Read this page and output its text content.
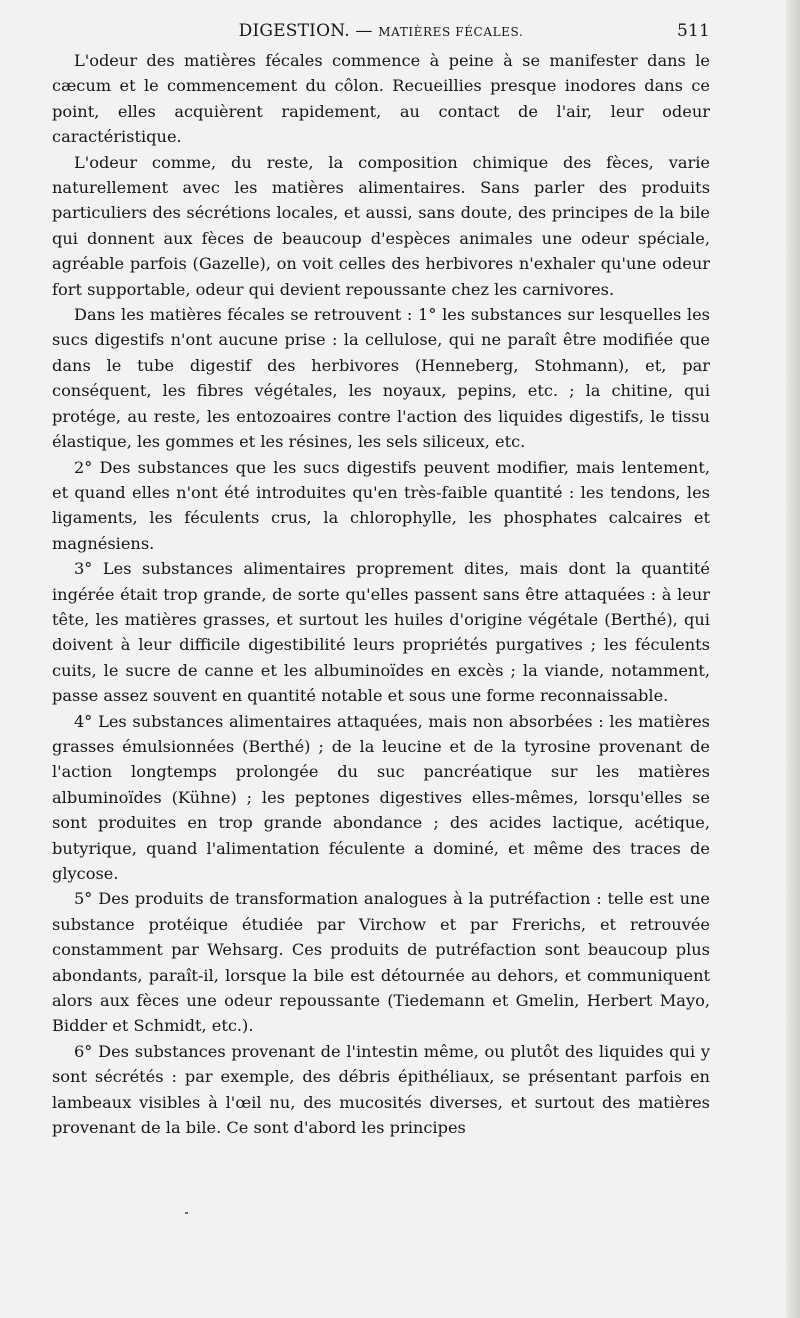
DIGESTION. — MATIÈRES FÉCALES.	511

L'odeur des matières fécales commence à peine à se manifester dans le cæcum et le commencement du côlon. Recueillies presque inodores dans ce point, elles acquièrent rapidement, au contact de l'air, leur odeur caractéristique.

L'odeur comme, du reste, la composition chimique des fèces, varie naturellement avec les matières alimentaires. Sans parler des produits particuliers des sécrétions locales, et aussi, sans doute, des principes de la bile qui donnent aux fèces de beaucoup d'espèces animales une odeur spéciale, agréable parfois (Gazelle), on voit celles des herbivores n'exhaler qu'une odeur fort supportable, odeur qui devient repoussante chez les carnivores.

Dans les matières fécales se retrouvent : 1° les substances sur lesquelles les sucs digestifs n'ont aucune prise : la cellulose, qui ne paraît être modifiée que dans le tube digestif des herbivores (Henneberg, Stohmann), et, par conséquent, les fibres végétales, les noyaux, pepins, etc. ; la chitine, qui protége, au reste, les entozoaires contre l'action des liquides digestifs, le tissu élastique, les gommes et les résines, les sels siliceux, etc.

2° Des substances que les sucs digestifs peuvent modifier, mais lentement, et quand elles n'ont été introduites qu'en très-faible quantité : les tendons, les ligaments, les féculents crus, la chlorophylle, les phosphates calcaires et magnésiens.

3° Les substances alimentaires proprement dites, mais dont la quantité ingérée était trop grande, de sorte qu'elles passent sans être attaquées : à leur tête, les matières grasses, et surtout les huiles d'origine végétale (Berthé), qui doivent à leur difficile digestibilité leurs propriétés purgatives ; les féculents cuits, le sucre de canne et les albuminoïdes en excès ; la viande, notamment, passe assez souvent en quantité notable et sous une forme reconnaissable.

4° Les substances alimentaires attaquées, mais non absorbées : les matières grasses émulsionnées (Berthé) ; de la leucine et de la tyrosine provenant de l'action longtemps prolongée du suc pancréatique sur les matières albuminoïdes (Kühne) ; les peptones digestives elles-mêmes, lorsqu'elles se sont produites en trop grande abondance ; des acides lactique, acétique, butyrique, quand l'alimentation féculente a dominé, et même des traces de glycose.

5° Des produits de transformation analogues à la putréfaction : telle est une substance protéique étudiée par Virchow et par Frerichs, et retrouvée constamment par Wehsarg. Ces produits de putréfaction sont beaucoup plus abondants, paraît-il, lorsque la bile est détournée au dehors, et communiquent alors aux fèces une odeur repoussante (Tiedemann et Gmelin, Herbert Mayo, Bidder et Schmidt, etc.).

6° Des substances provenant de l'intestin même, ou plutôt des liquides qui y sont sécrétés : par exemple, des débris épithéliaux, se présentant parfois en lambeaux visibles à l'œil nu, des mucosités diverses, et surtout des matières provenant de la bile. Ce sont d'abord les principes
